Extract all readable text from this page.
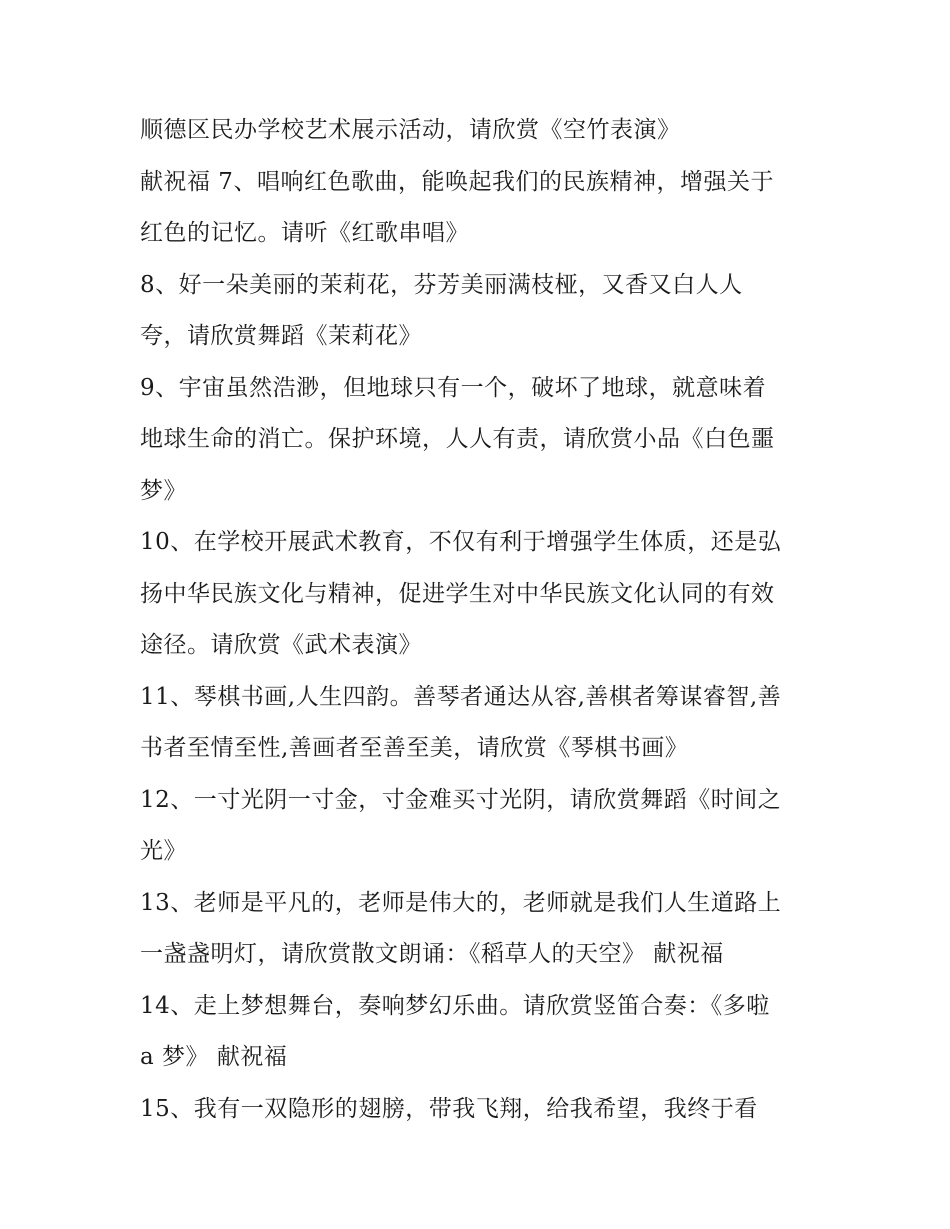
顺德区民办学校艺术展示活动，请欣赏《空竹表演》
献祝福 7、唱响红色歌曲，能唤起我们的民族精神，增强关于
红色的记忆。请听《红歌串唱》
8、好一朵美丽的茉莉花，芬芳美丽满枝桠，又香又白人人
夸，请欣赏舞蹈《茉莉花》
9、宇宙虽然浩渺，但地球只有一个，破坏了地球，就意味着
地球生命的消亡。保护环境，人人有责，请欣赏小品《白色噩
梦》
10、在学校开展武术教育，不仅有利于增强学生体质，还是弘
扬中华民族文化与精神，促进学生对中华民族文化认同的有效
途径。请欣赏《武术表演》
11、琴棋书画,人生四韵。善琴者通达从容,善棋者筹谋睿智,善
书者至情至性,善画者至善至美，请欣赏《琴棋书画》
12、一寸光阴一寸金，寸金难买寸光阴，请欣赏舞蹈《时间之
光》
13、老师是平凡的，老师是伟大的，老师就是我们人生道路上
一盏盏明灯，请欣赏散文朗诵：《稻草人的天空》 献祝福
14、走上梦想舞台，奏响梦幻乐曲。请欣赏竖笛合奏：《多啦
a 梦》 献祝福
15、我有一双隐形的翅膀，带我飞翔，给我希望，我终于看
